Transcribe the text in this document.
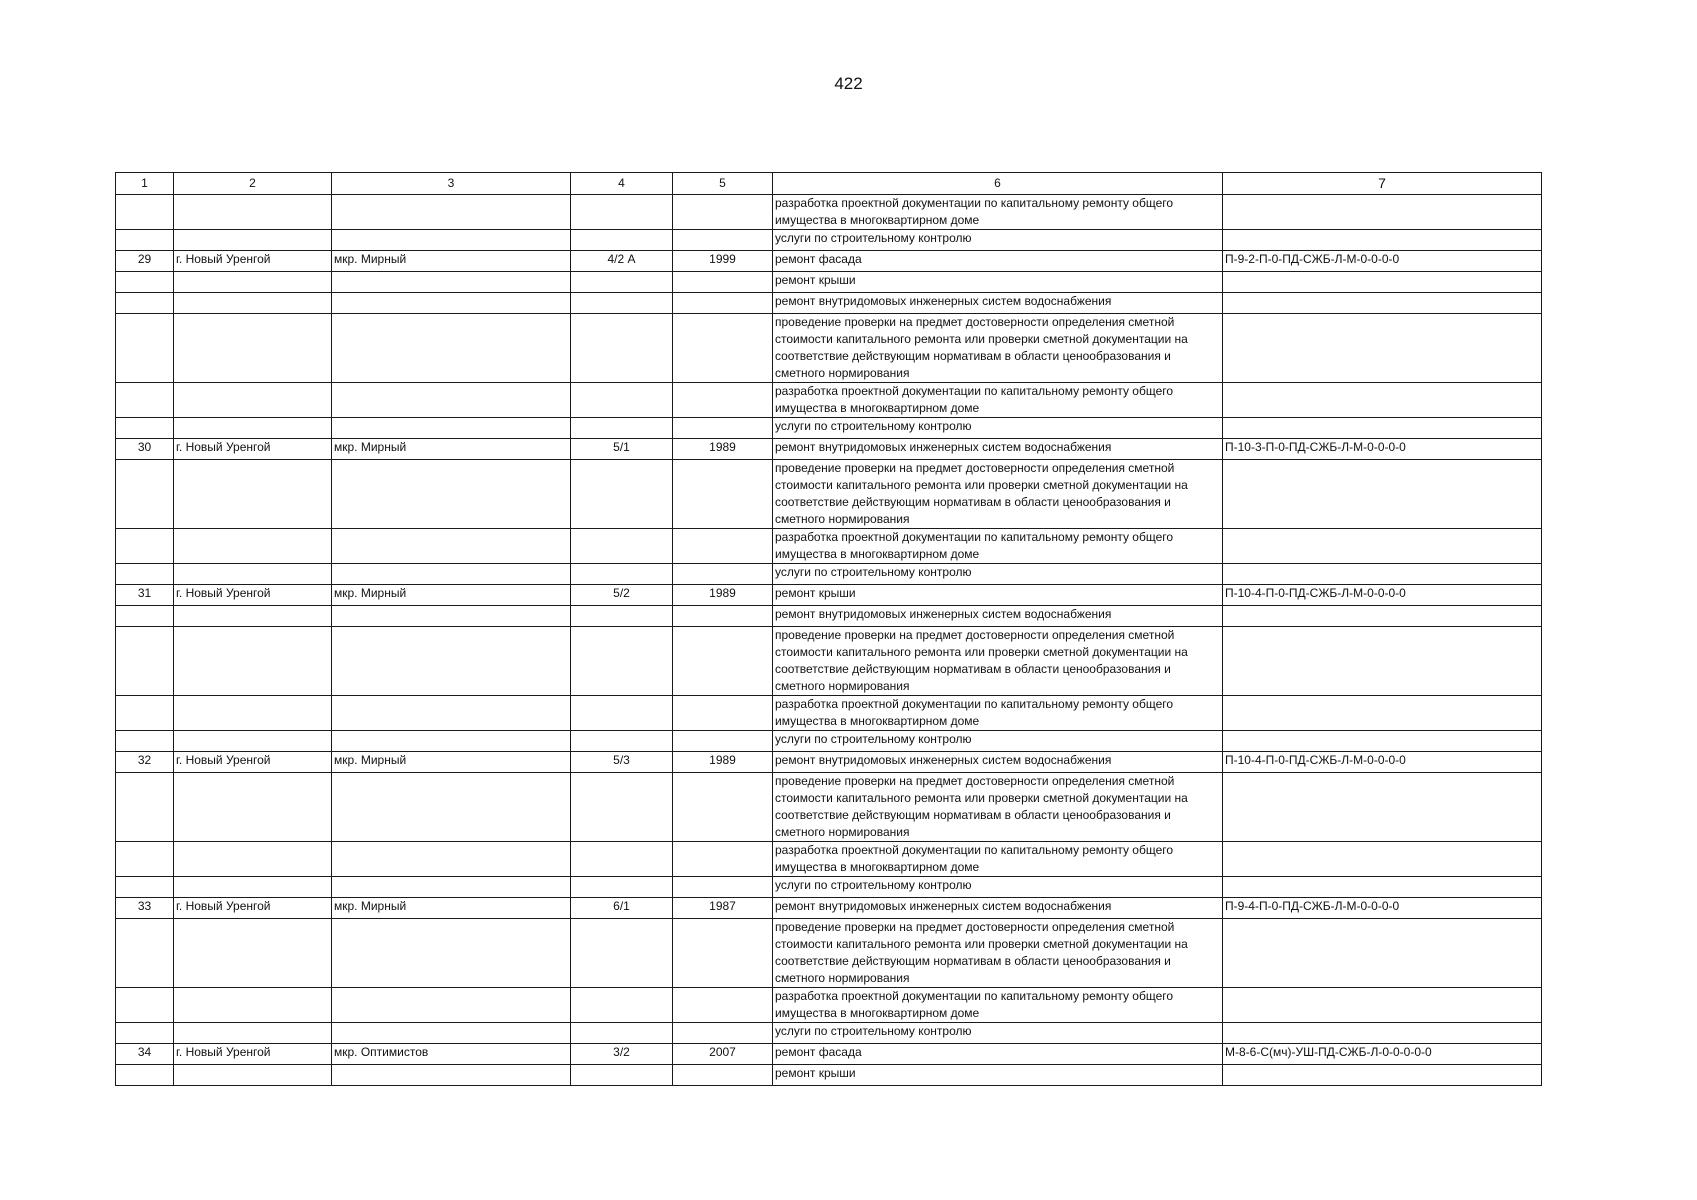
422
1	2	3	4	5	6	7
					разработка проектной документации по капитальному ремонту общего имущества в многоквартирном доме	
					услуги по строительному контролю	
29	г. Новый Уренгой	мкр. Мирный	4/2 А	1999	ремонт фасада	П-9-2-П-0-ПД-СЖБ-Л-М-0-0-0-0
					ремонт крыши	
					ремонт внутридомовых инженерных систем водоснабжения	
					проведение проверки на предмет достоверности определения сметной стоимости капитального ремонта или проверки сметной документации на соответствие действующим нормативам в области ценообразования и сметного нормирования	
					разработка проектной документации по капитальному ремонту общего имущества в многоквартирном доме	
					услуги по строительному контролю	
30	г. Новый Уренгой	мкр. Мирный	5/1	1989	ремонт внутридомовых инженерных систем водоснабжения	П-10-3-П-0-ПД-СЖБ-Л-М-0-0-0-0
					проведение проверки на предмет достоверности определения сметной стоимости капитального ремонта или проверки сметной документации на соответствие действующим нормативам в области ценообразования и сметного нормирования	
					разработка проектной документации по капитальному ремонту общего имущества в многоквартирном доме	
					услуги по строительному контролю	
31	г. Новый Уренгой	мкр. Мирный	5/2	1989	ремонт крыши	П-10-4-П-0-ПД-СЖБ-Л-М-0-0-0-0
					ремонт внутридомовых инженерных систем водоснабжения	
					проведение проверки на предмет достоверности определения сметной стоимости капитального ремонта или проверки сметной документации на соответствие действующим нормативам в области ценообразования и сметного нормирования	
					разработка проектной документации по капитальному ремонту общего имущества в многоквартирном доме	
					услуги по строительному контролю	
32	г. Новый Уренгой	мкр. Мирный	5/3	1989	ремонт внутридомовых инженерных систем водоснабжения	П-10-4-П-0-ПД-СЖБ-Л-М-0-0-0-0
					проведение проверки на предмет достоверности определения сметной стоимости капитального ремонта или проверки сметной документации на соответствие действующим нормативам в области ценообразования и сметного нормирования	
					разработка проектной документации по капитальному ремонту общего имущества в многоквартирном доме	
					услуги по строительному контролю	
33	г. Новый Уренгой	мкр. Мирный	6/1	1987	ремонт внутридомовых инженерных систем водоснабжения	П-9-4-П-0-ПД-СЖБ-Л-М-0-0-0-0
					проведение проверки на предмет достоверности определения сметной стоимости капитального ремонта или проверки сметной документации на соответствие действующим нормативам в области ценообразования и сметного нормирования	
					разработка проектной документации по капитальному ремонту общего имущества в многоквартирном доме	
					услуги по строительному контролю	
34	г. Новый Уренгой	мкр. Оптимистов	3/2	2007	ремонт фасада	М-8-6-С(мч)-УШ-ПД-СЖБ-Л-0-0-0-0-0
					ремонт крыши	
